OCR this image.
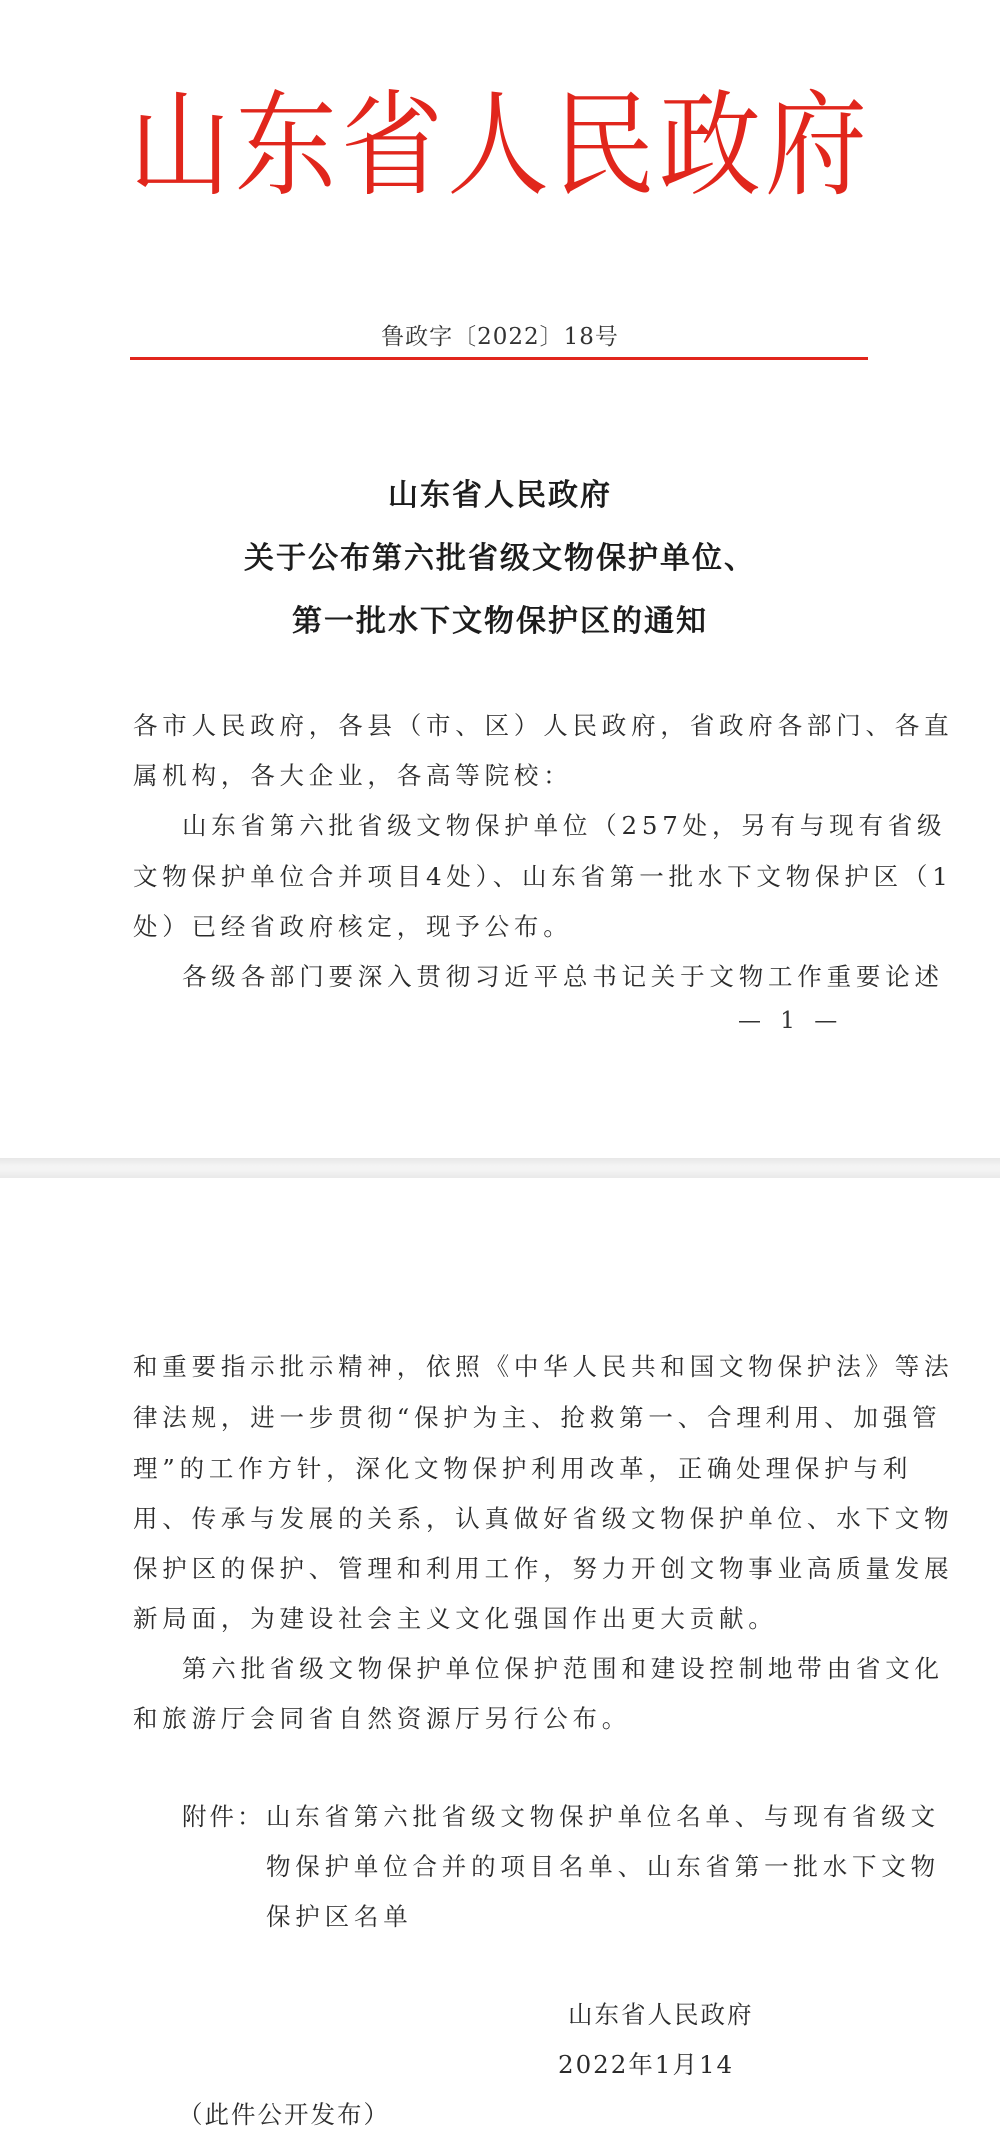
山东省人民政府
鲁政字〔2022〕18号
山东省人民政府
关于公布第六批省级文物保护单位、
第一批水下文物保护区的通知
各市人民政府，各县（市、区）人民政府，省政府各部门、各直
属机构，各大企业，各高等院校：
山东省第六批省级文物保护单位（257处，另有与现有省级
文物保护单位合并项目4处）、山东省第一批水下文物保护区（1
处）已经省政府核定，现予公布。
各级各部门要深入贯彻习近平总书记关于文物工作重要论述
— 1 —
和重要指示批示精神，依照《中华人民共和国文物保护法》等法
律法规，进一步贯彻“保护为主、抢救第一、合理利用、加强管
理”的工作方针，深化文物保护利用改革，正确处理保护与利
用、传承与发展的关系，认真做好省级文物保护单位、水下文物
保护区的保护、管理和利用工作，努力开创文物事业高质量发展
新局面，为建设社会主义文化强国作出更大贡献。
第六批省级文物保护单位保护范围和建设控制地带由省文化
和旅游厅会同省自然资源厅另行公布。
附件： 山东省第六批省级文物保护单位名单、与现有省级文
物保护单位合并的项目名单、山东省第一批水下文物
保护区名单
山东省人民政府
2022年1月14
（此件公开发布）
